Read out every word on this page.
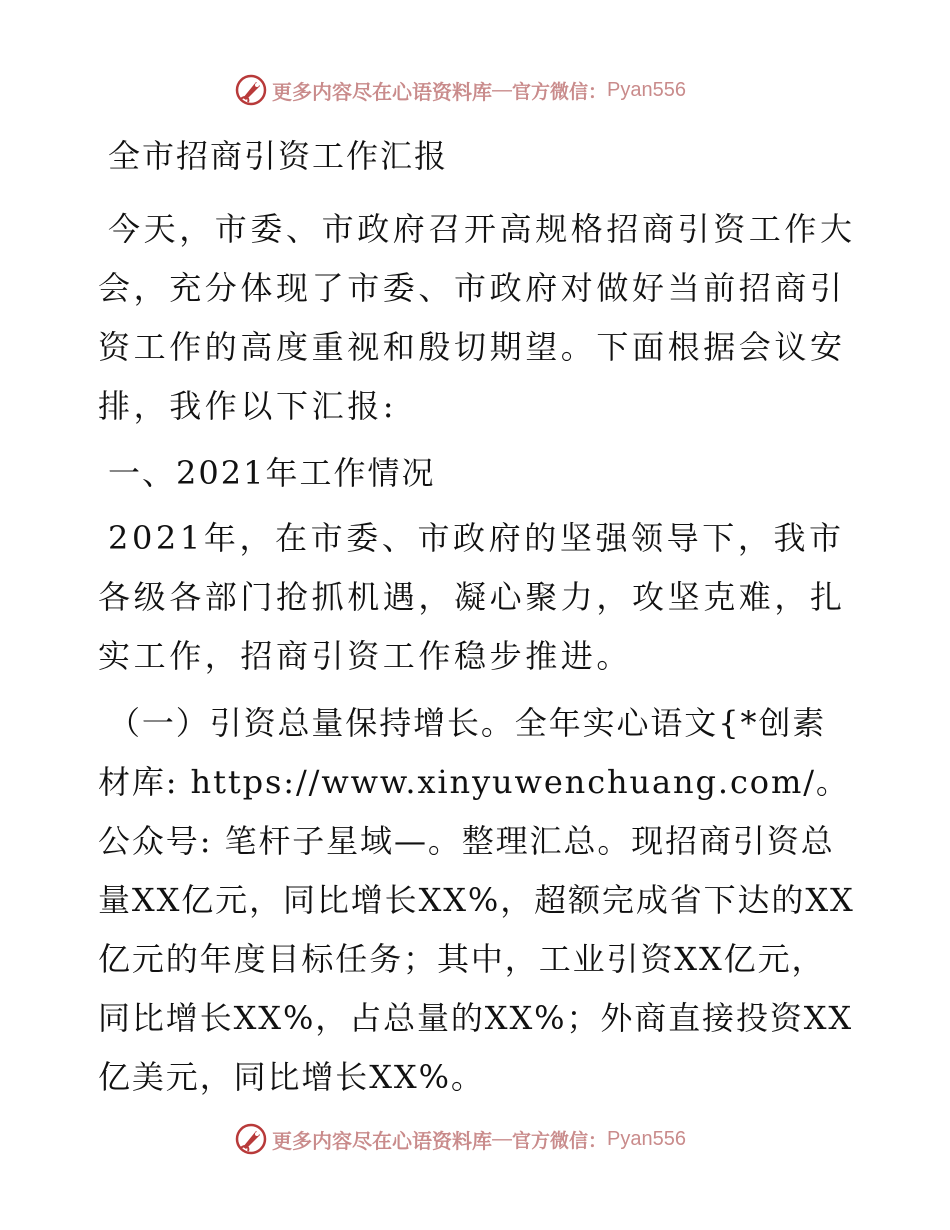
更多内容尽在心语资料库 — 官方微信： Pyan556
全市招商引资工作汇报

今天，市委、市政府召开高规格招商引资工作大会，充分体现了市委、市政府对做好当前招商引资工作的高度重视和殷切期望。下面根据会议安排，我作以下汇报:

一、2021年工作情况

2021年，在市委、市政府的坚强领导下，我市各级各部门抢抓机遇，凝心聚力，攻坚克难，扎实工作，招商引资工作稳步推进。

（一）引资总量保持增长。全年实心语文{*创素材库: https://www.xinyuwenchuang.com/。公众号: 笔杆子星域—。整理汇总。现招商引资总量XX亿元，同比增长XX%，超额完成省下达的XX亿元的年度目标任务；其中，工业引资XX亿元，同比增长XX%，占总量的XX%；外商直接投资XX亿美元，同比增长XX%。

更多内容尽在心语资料库 — 官方微信： Pyan556
